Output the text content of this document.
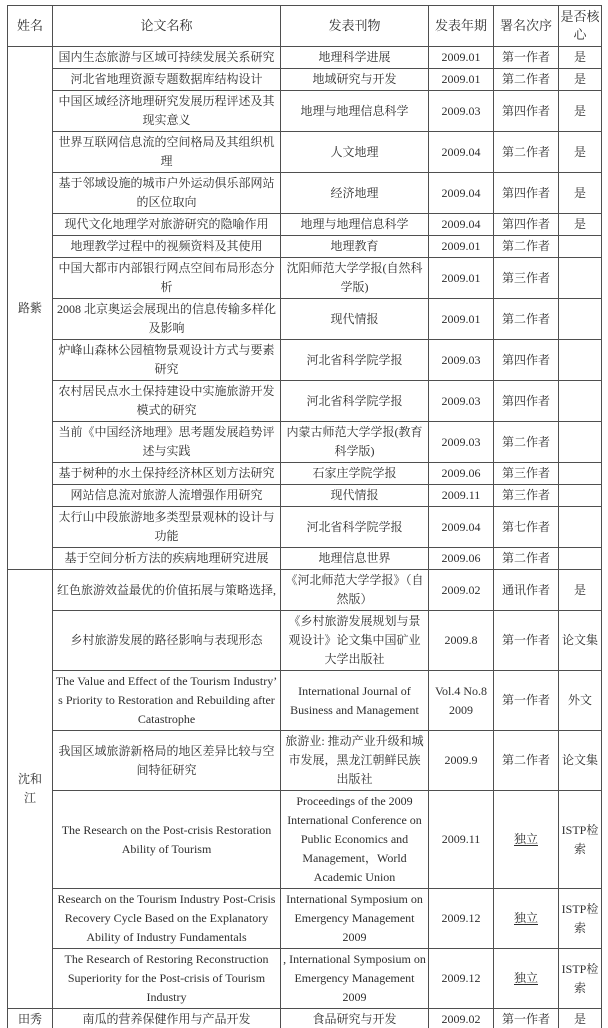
姓名	论文名称	发表刊物	发表年期	署名次序	是否核心
路紫	国内生态旅游与区域可持续发展关系研究	地理科学进展	2009.01	第一作者	是
	河北省地理资源专题数据库结构设计	地域研究与开发	2009.01	第二作者	是
	中国区域经济地理研究发展历程评述及其现实意义	地理与地理信息科学	2009.03	第四作者	是
	世界互联网信息流的空间格局及其组织机理	人文地理	2009.04	第二作者	是
	基于邻域设施的城市户外运动俱乐部网站的区位取向	经济地理	2009.04	第四作者	是
	现代文化地理学对旅游研究的隐喻作用	地理与地理信息科学	2009.04	第四作者	是
	地理教学过程中的视频资料及其使用	地理教育	2009.01	第二作者	
	中国大都市内部银行网点空间布局形态分析	沈阳师范大学学报(自然科学版)	2009.01	第三作者	
	2008 北京奥运会展现出的信息传输多样化及影响	现代情报	2009.01	第二作者	
	炉峰山森林公园植物景观设计方式与要素研究	河北省科学院学报	2009.03	第四作者	
	农村居民点水土保持建设中实施旅游开发模式的研究	河北省科学院学报	2009.03	第四作者	
	当前《中国经济地理》思考题发展趋势评述与实践	内蒙古师范大学学报(教育科学版)	2009.03	第二作者	
	基于树种的水土保持经济林区划方法研究	石家庄学院学报	2009.06	第三作者	
	网站信息流对旅游人流增强作用研究	现代情报	2009.11	第三作者	
	太行山中段旅游地多类型景观林的设计与功能	河北省科学院学报	2009.04	第七作者	
	基于空间分析方法的疾病地理研究进展	地理信息世界	2009.06	第二作者	
沈和江	红色旅游效益最优的价值拓展与策略选择,	《河北师范大学学报》（自然版）	2009.02	通讯作者	是
	乡村旅游发展的路径影响与表现形态	《乡村旅游发展规划与景观设计》论文集中国矿业大学出版社	2009.8	第一作者	论文集
	The Value and Effect of the Tourism Industry’ s Priority to Restoration and Rebuilding after Catastrophe	International Journal of Business and Management	Vol.4 No.8 2009	第一作者	外文
	我国区域旅游新格局的地区差异比较与空间特征研究	旅游业: 推动产业升级和城市发展，黑龙江朝鲜民族出版社	2009.9	第二作者	论文集
	The Research on the Post-crisis Restoration Ability of Tourism	Proceedings of the 2009 International Conference on Public Economics and Management，World Academic Union	2009.11	独立	ISTP检索
	Research on the Tourism Industry Post-Crisis Recovery Cycle Based on the Explanatory Ability of Industry Fundamentals	International Symposium on Emergency Management 2009	2009.12	独立	ISTP检索
	The Research of Restoring Reconstruction Superiority for the Post-crisis of Tourism Industry	, International Symposium on Emergency Management 2009	2009.12	独立	ISTP检索
田秀	南瓜的营养保健作用与产品开发	食品研究与开发	2009.02	第一作者	是
